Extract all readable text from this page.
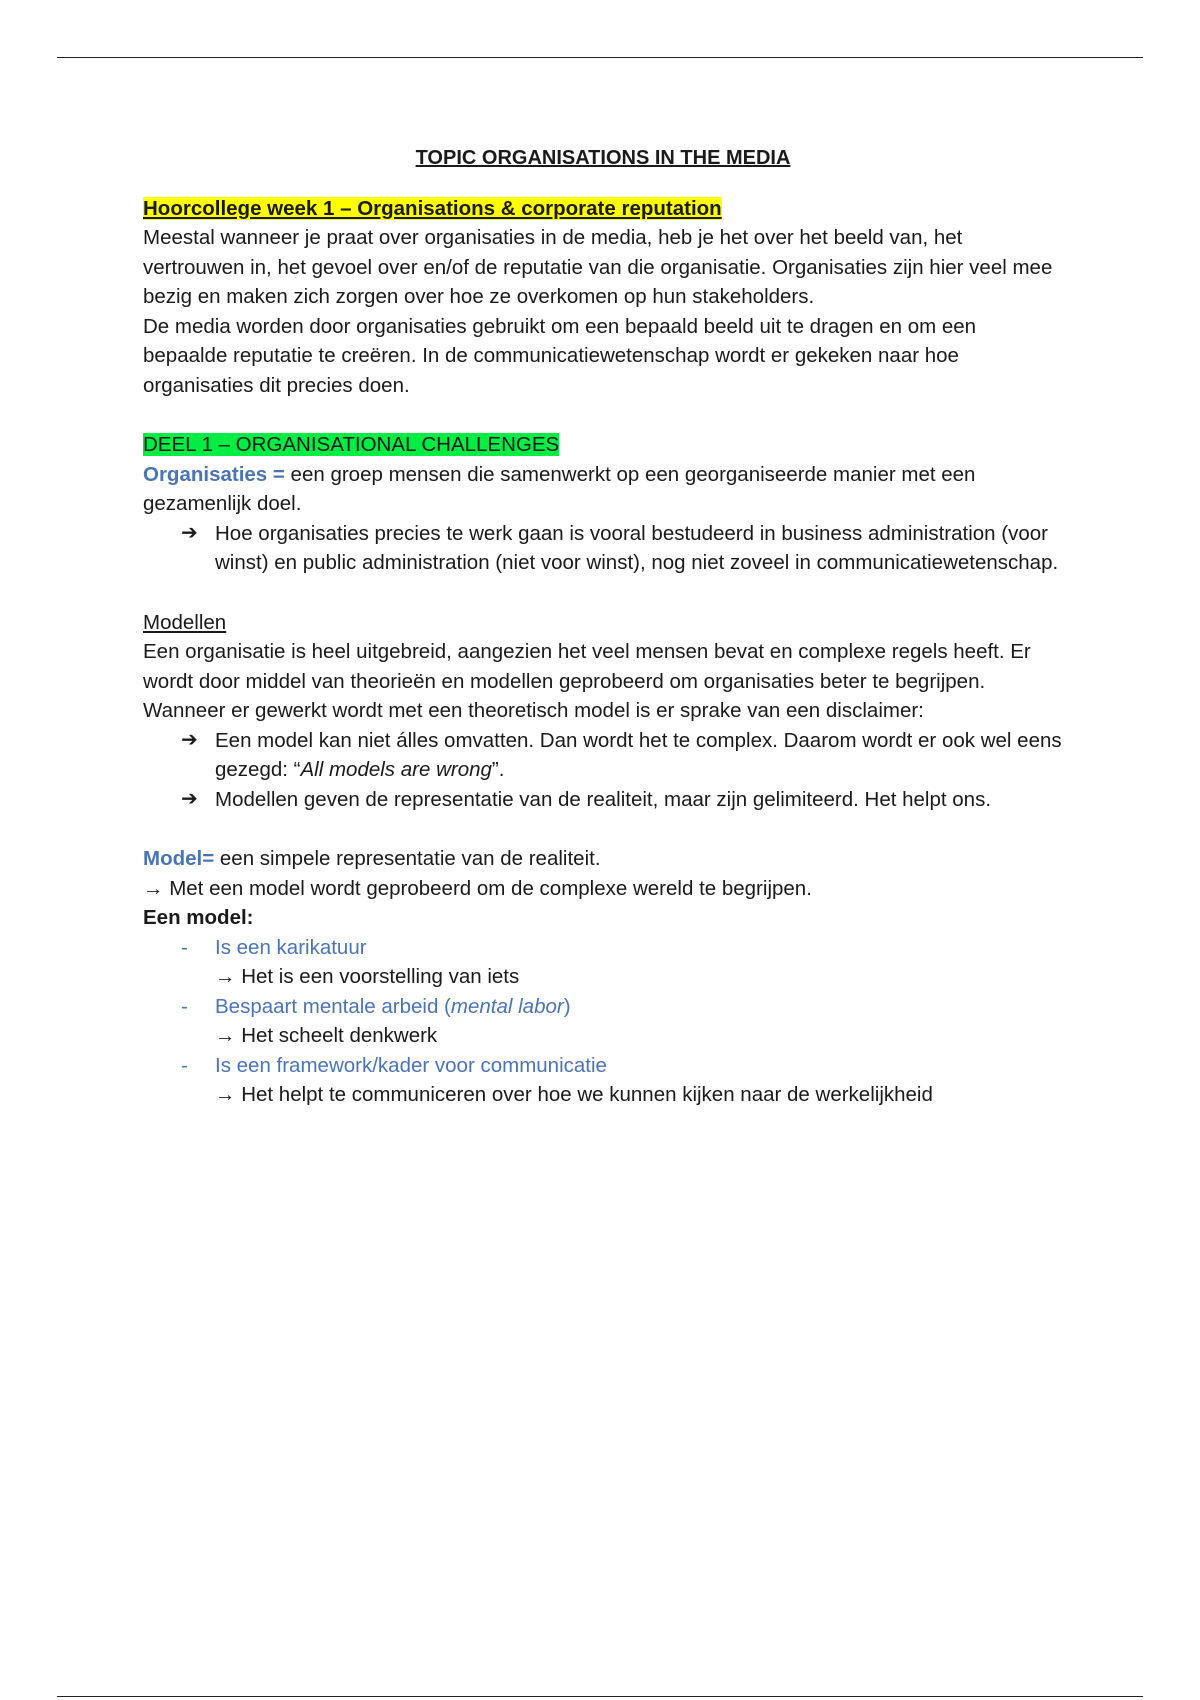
TOPIC ORGANISATIONS IN THE MEDIA

Hoorcollege week 1 – Organisations & corporate reputation

Meestal wanneer je praat over organisaties in de media, heb je het over het beeld van, het vertrouwen in, het gevoel over en/of de reputatie van die organisatie. Organisaties zijn hier veel mee bezig en maken zich zorgen over hoe ze overkomen op hun stakeholders.

De media worden door organisaties gebruikt om een bepaald beeld uit te dragen en om een bepaalde reputatie te creëren. In de communicatiewetenschap wordt er gekeken naar hoe organisaties dit precies doen.

DEEL 1 – ORGANISATIONAL CHALLENGES

Organisaties = een groep mensen die samenwerkt op een georganiseerde manier met een gezamenlijk doel.

➔ Hoe organisaties precies te werk gaan is vooral bestudeerd in business administration (voor winst) en public administration (niet voor winst), nog niet zoveel in communicatiewetenschap.

Modellen

Een organisatie is heel uitgebreid, aangezien het veel mensen bevat en complexe regels heeft. Er wordt door middel van theorieën en modellen geprobeerd om organisaties beter te begrijpen.

Wanneer er gewerkt wordt met een theoretisch model is er sprake van een disclaimer:

➔ Een model kan niet álles omvatten. Dan wordt het te complex. Daarom wordt er ook wel eens gezegd: “All models are wrong”.
➔ Modellen geven de representatie van de realiteit, maar zijn gelimiteerd. Het helpt ons.

Model= een simpele representatie van de realiteit.

→ Met een model wordt geprobeerd om de complexe wereld te begrijpen.

Een model:

- Is een karikatuur
→ Het is een voorstelling van iets
- Bespaart mentale arbeid (mental labor)
→ Het scheelt denkwerk
- Is een framework/kader voor communicatie
→ Het helpt te communiceren over hoe we kunnen kijken naar de werkelijkheid
